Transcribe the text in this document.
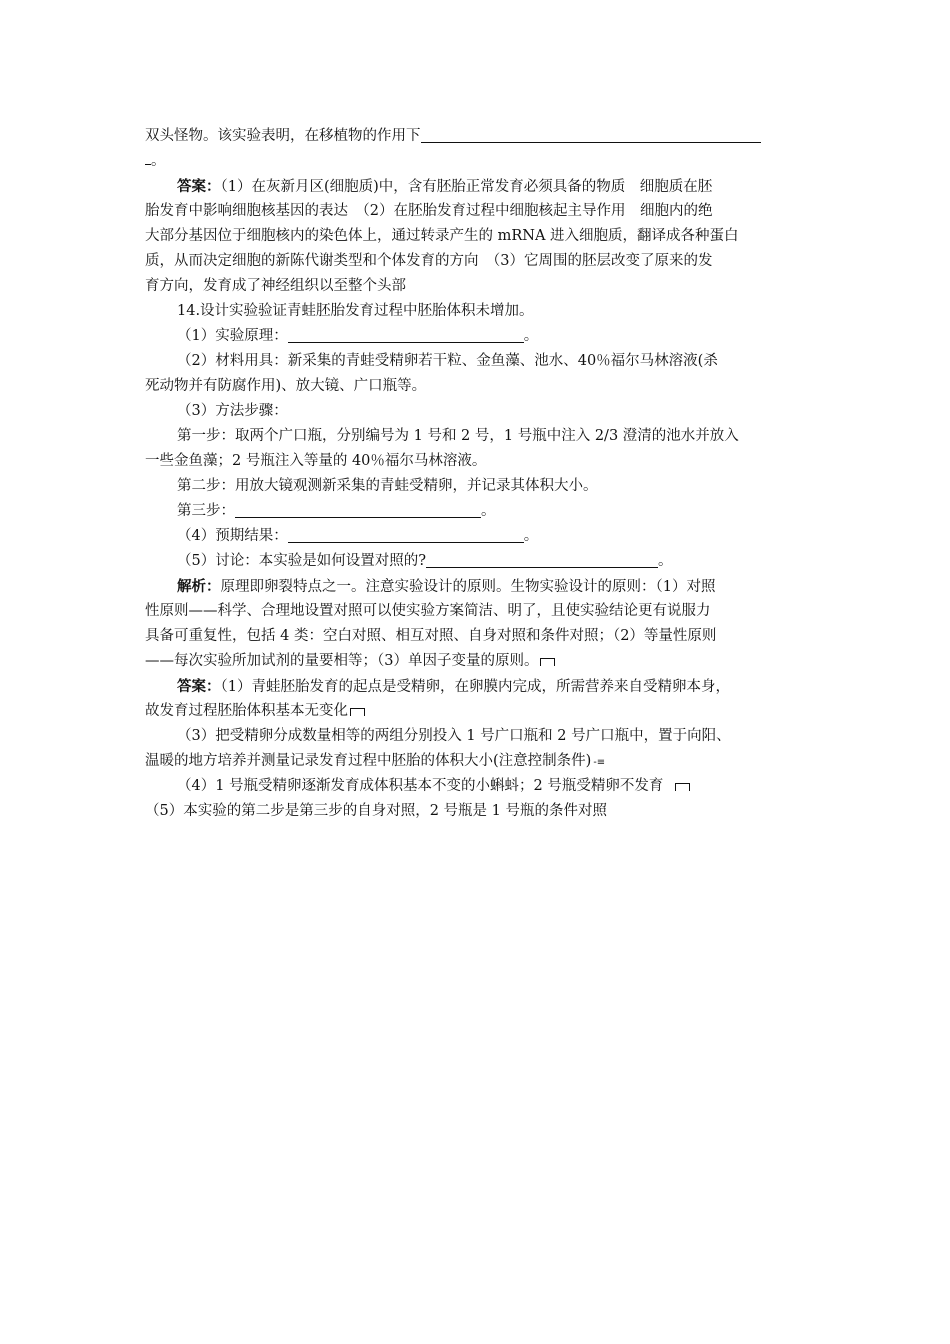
双头怪物。该实验表明，在移植物的作用下
。
答案：（1）在灰新月区(细胞质)中，含有胚胎正常发育必须具备的物质　细胞质在胚
胎发育中影响细胞核基因的表达　（2）在胚胎发育过程中细胞核起主导作用　细胞内的绝
大部分基因位于细胞核内的染色体上，通过转录产生的 mRNA 进入细胞质，翻译成各种蛋白
质，从而决定细胞的新陈代谢类型和个体发育的方向　（3）它周围的胚层改变了原来的发
育方向，发育成了神经组织以至整个头部
14.设计实验验证青蛙胚胎发育过程中胚胎体积未增加。
（1）实验原理：	。
（2）材料用具：新采集的青蛙受精卵若干粒、金鱼藻、池水、40％福尔马林溶液(杀
死动物并有防腐作用)、放大镜、广口瓶等。
（3）方法步骤：
第一步：取两个广口瓶，分别编号为 1 号和 2 号，1 号瓶中注入 2/3 澄清的池水并放入
一些金鱼藻；2 号瓶注入等量的 40％福尔马林溶液。
第二步：用放大镜观测新采集的青蛙受精卵，并记录其体积大小。
第三步：	。
（4）预期结果：	。
（5）讨论：本实验是如何设置对照的?	。
解析：原理即卵裂特点之一。注意实验设计的原则。生物实验设计的原则：（1）对照
性原则——科学、合理地设置对照可以使实验方案简洁、明了，且使实验结论更有说服力
具备可重复性，包括 4 类：空白对照、相互对照、自身对照和条件对照；（2）等量性原则
——每次实验所加试剂的量要相等；（3）单因子变量的原则。
答案：（1）青蛙胚胎发育的起点是受精卵，在卵膜内完成，所需营养来自受精卵本身，
故发育过程胚胎体积基本无变化
（3）把受精卵分成数量相等的两组分别投入 1 号广口瓶和 2 号广口瓶中，置于向阳、
温暖的地方培养并测量记录发育过程中胚胎的体积大小(注意控制条件) -≡
（4）1 号瓶受精卵逐渐发育成体积基本不变的小蝌蚪；2 号瓶受精卵不发育
（5）本实验的第二步是第三步的自身对照，2 号瓶是 1 号瓶的条件对照
